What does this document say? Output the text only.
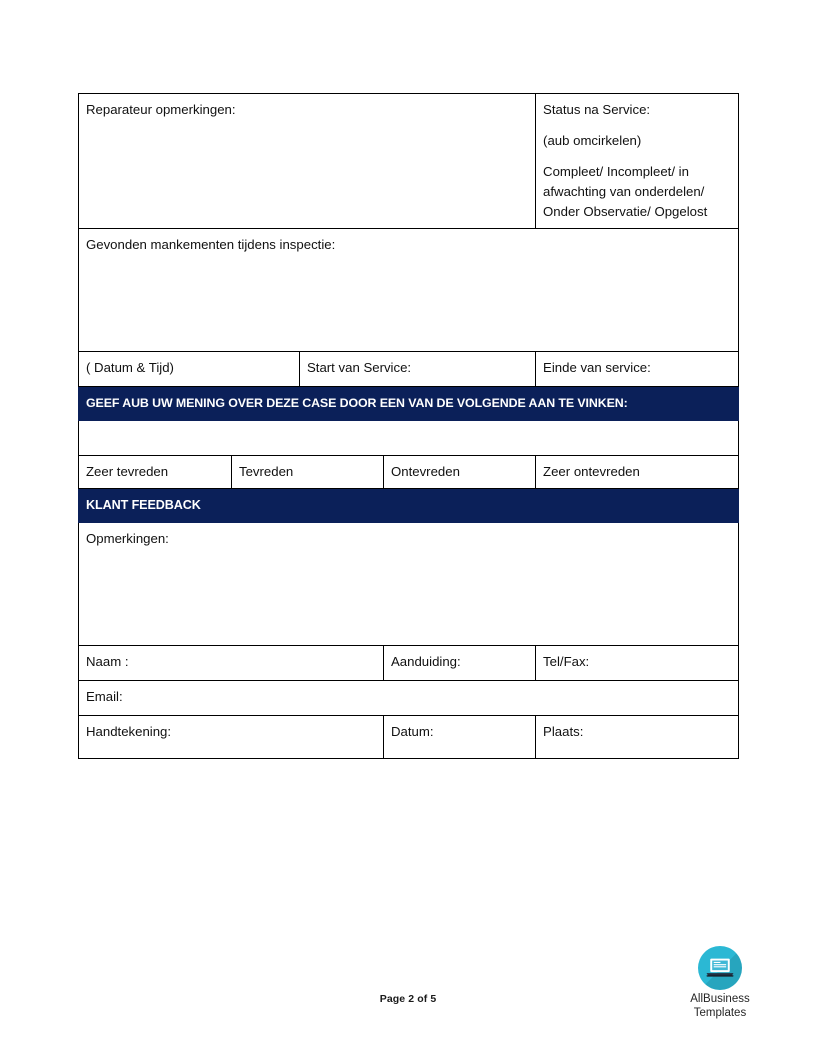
Reparateur opmerkingen:				Status na Service:
(aub omcirkelen)
Compleet/ Incompleet/ in afwachting van onderdelen/ Onder Observatie/ Opgelost

Gevonden mankementen tijdens inspectie:				

( Datum & Tijd)		Start van Service:		Einde van service:

GEEF AUB UW MENING OVER DEZE CASE DOOR EEN VAN DE VOLGENDE AAN TE VINKEN:				

Zeer tevreden	Tevreden		Ontevreden	Zeer ontevreden

KLANT FEEDBACK				

Opmerkingen:				

Naam :			Aanduiding:	Tel/Fax:

Email:				

Handtekening:			Datum:	Plaats:
Page 2 of 5	AllBusiness
Templates
